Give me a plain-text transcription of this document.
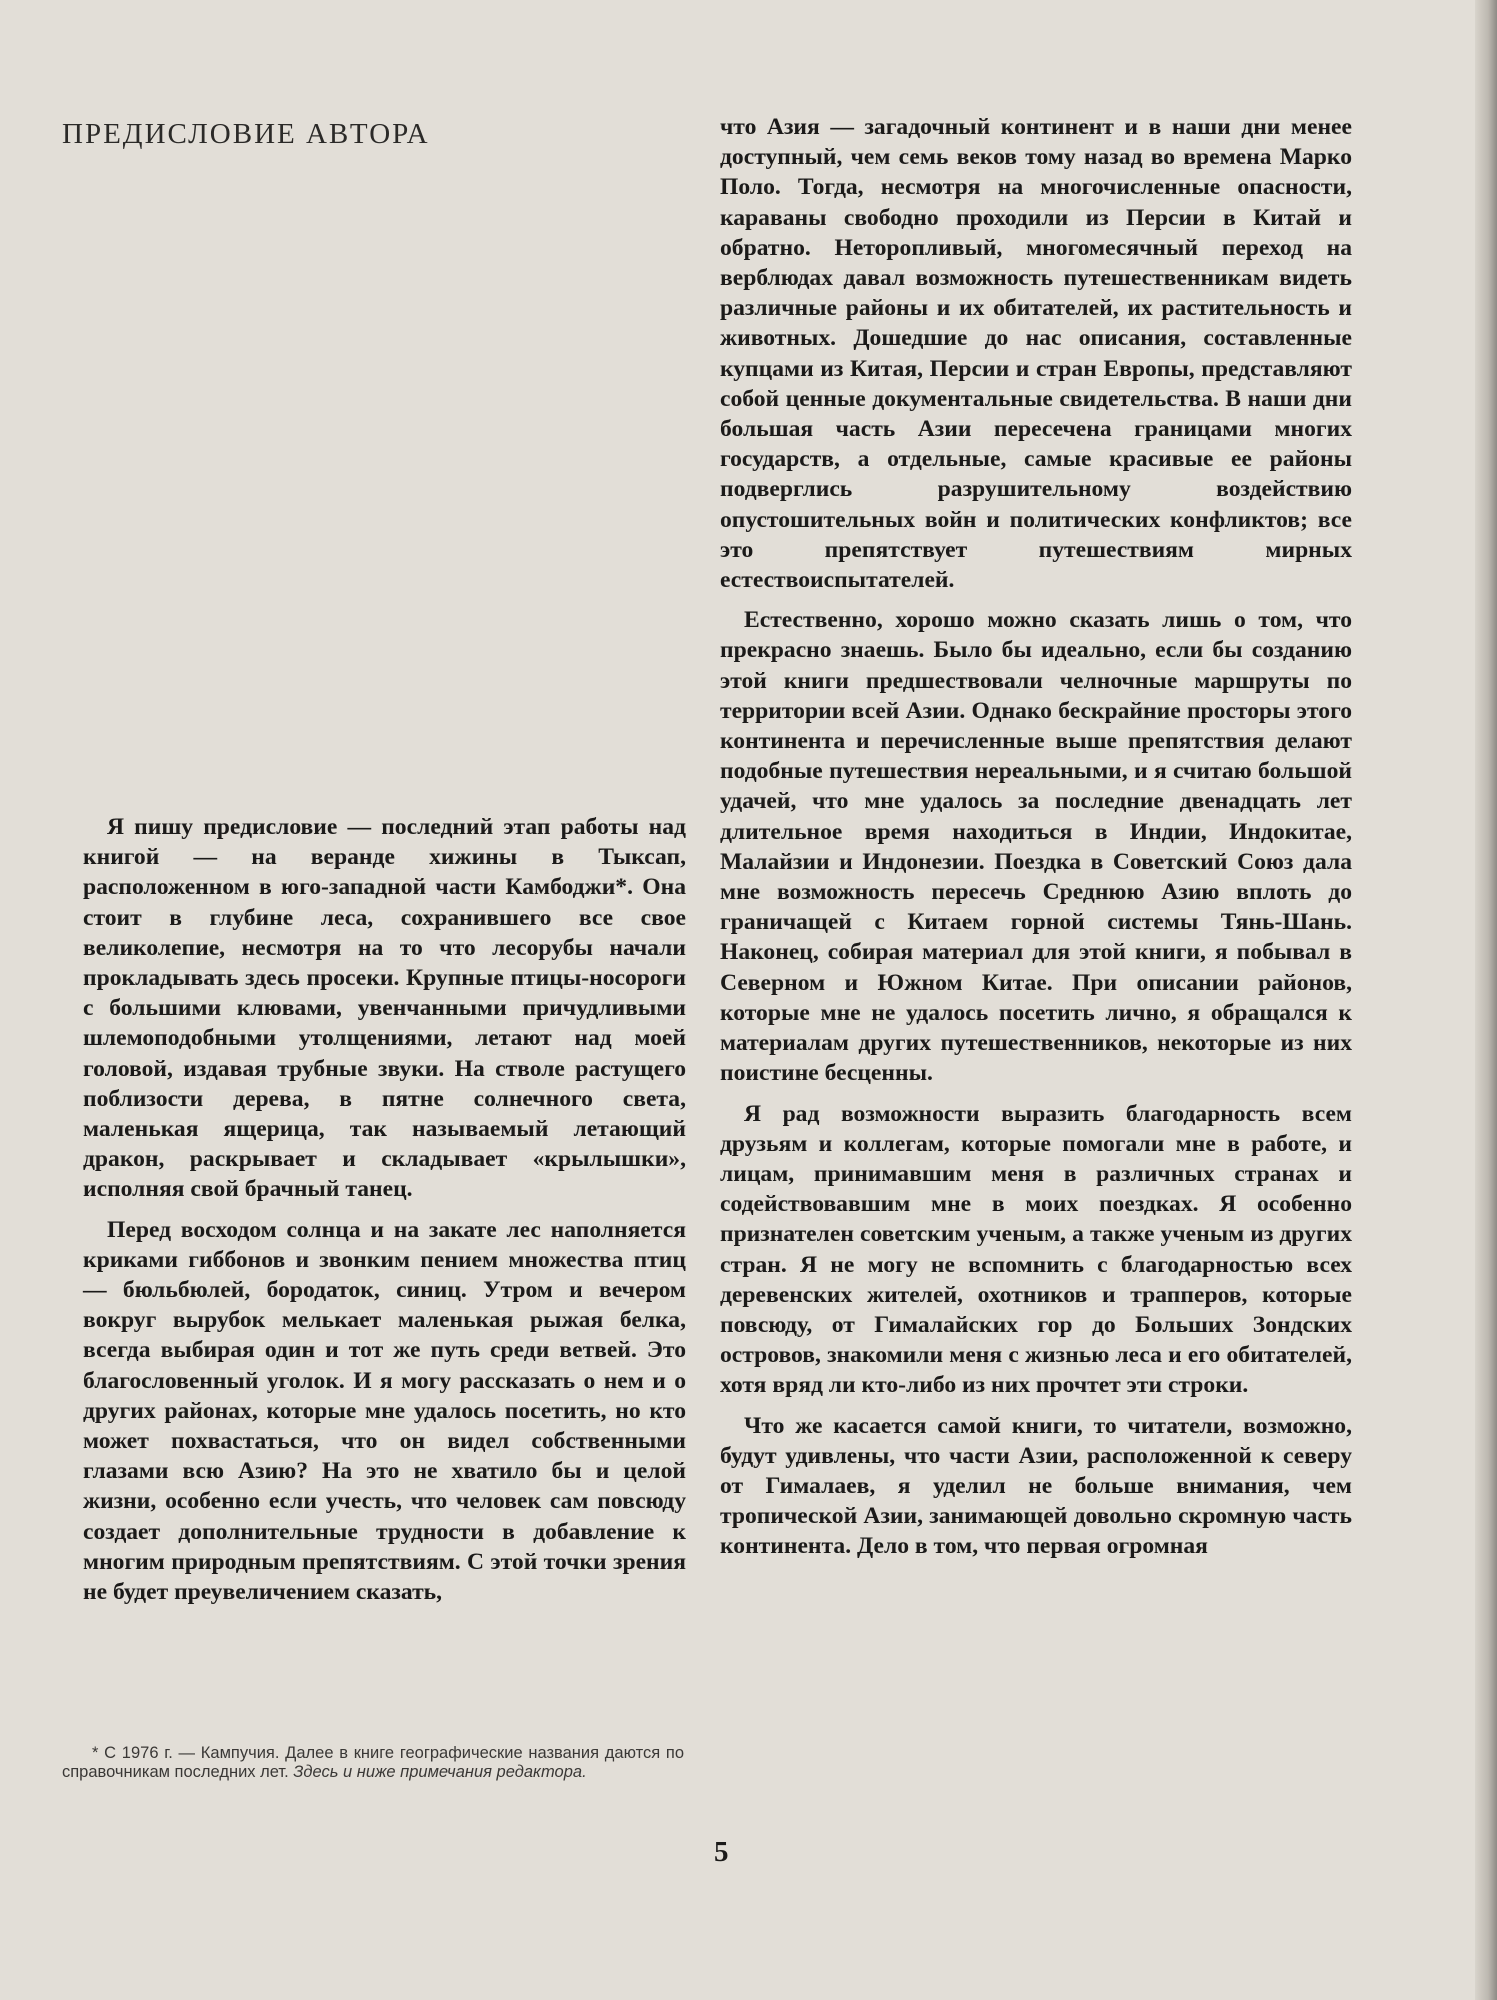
ПРЕДИСЛОВИЕ АВТОРА

Я пишу предисловие — последний этап работы над книгой — на веранде хижины в Тыксап, расположенном в юго-западной части Камбоджи*. Она стоит в глубине леса, сохранившего все свое великолепие, несмотря на то что лесорубы начали прокладывать здесь просеки. Крупные птицы-носороги с большими клювами, увенчанными причудливыми шлемоподобными утолщениями, летают над моей головой, издавая трубные звуки. На стволе растущего поблизости дерева, в пятне солнечного света, маленькая ящерица, так называемый летающий дракон, раскрывает и складывает «крылышки», исполняя свой брачный танец.

Перед восходом солнца и на закате лес наполняется криками гиббонов и звонким пением множества птиц — бюльбюлей, бородаток, синиц. Утром и вечером вокруг вырубок мелькает маленькая рыжая белка, всегда выбирая один и тот же путь среди ветвей. Это благословенный уголок. И я могу рассказать о нем и о других районах, которые мне удалось посетить, но кто может похвастаться, что он видел собственными глазами всю Азию? На это не хватило бы и целой жизни, особенно если учесть, что человек сам повсюду создает дополнительные трудности в добавление к многим природным препятствиям. С этой точки зрения не будет преувеличением сказать,

что Азия — загадочный континент и в наши дни менее доступный, чем семь веков тому назад во времена Марко Поло. Тогда, несмотря на многочисленные опасности, караваны свободно проходили из Персии в Китай и обратно. Неторопливый, многомесячный переход на верблюдах давал возможность путешественникам видеть различные районы и их обитателей, их растительность и животных. Дошедшие до нас описания, составленные купцами из Китая, Персии и стран Европы, представляют собой ценные документальные свидетельства. В наши дни большая часть Азии пересечена границами многих государств, а отдельные, самые красивые ее районы подверглись разрушительному воздействию опустошительных войн и политических конфликтов; все это препятствует путешествиям мирных естествоиспытателей.

Естественно, хорошо можно сказать лишь о том, что прекрасно знаешь. Было бы идеально, если бы созданию этой книги предшествовали челночные маршруты по территории всей Азии. Однако бескрайние просторы этого континента и перечисленные выше препятствия делают подобные путешествия нереальными, и я считаю большой удачей, что мне удалось за последние двенадцать лет длительное время находиться в Индии, Индокитае, Малайзии и Индонезии. Поездка в Советский Союз дала мне возможность пересечь Среднюю Азию вплоть до граничащей с Китаем горной системы Тянь-Шань. Наконец, собирая материал для этой книги, я побывал в Северном и Южном Китае. При описании районов, которые мне не удалось посетить лично, я обращался к материалам других путешественников, некоторые из них поистине бесценны.

Я рад возможности выразить благодарность всем друзьям и коллегам, которые помогали мне в работе, и лицам, принимавшим меня в различных странах и содействовавшим мне в моих поездках. Я особенно признателен советским ученым, а также ученым из других стран. Я не могу не вспомнить с благодарностью всех деревенских жителей, охотников и трапперов, которые повсюду, от Гималайских гор до Больших Зондских островов, знакомили меня с жизнью леса и его обитателей, хотя вряд ли кто-либо из них прочтет эти строки.

Что же касается самой книги, то читатели, возможно, будут удивлены, что части Азии, расположенной к северу от Гималаев, я уделил не больше внимания, чем тропической Азии, занимающей довольно скромную часть континента. Дело в том, что первая огромная

* С 1976 г. — Кампучия. Далее в книге географические названия даются по справочникам последних лет. Здесь и ниже примечания редактора.

5
